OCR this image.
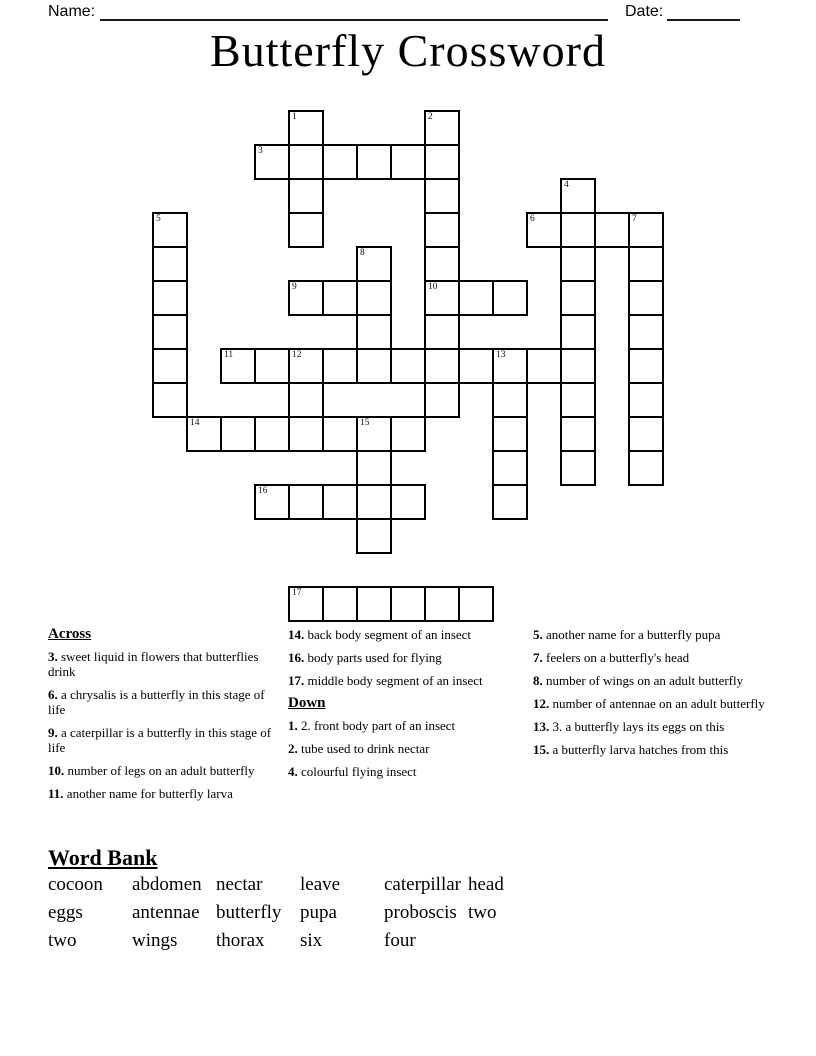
Name:	Date:
Butterfly Crossword
1	2
3
4
5	6	7
8
9	10
11	12	13
14	15
16
17
Across

3. sweet liquid in flowers that butterflies drink

6. a chrysalis is a butterfly in this stage of life

9. a caterpillar is a butterfly in this stage of life

10. number of legs on an adult butterfly

11. another name for butterfly larva

14. back body segment of an insect

16. body parts used for flying

17. middle body segment of an insect

Down

1. 2. front body part of an insect

2. tube used to drink nectar

4. colourful flying insect

5. another name for a butterfly pupa

7. feelers on a butterfly's head

8. number of wings on an adult butterfly

12. number of antennae on an adult butterfly

13. 3. a butterfly lays its eggs on this

15. a butterfly larva hatches from this

Word Bank
cocoon	abdomen nectar	leave	caterpillar head
eggs	antennae butterfly pupa	proboscis two
two	wings	thorax	six	four
